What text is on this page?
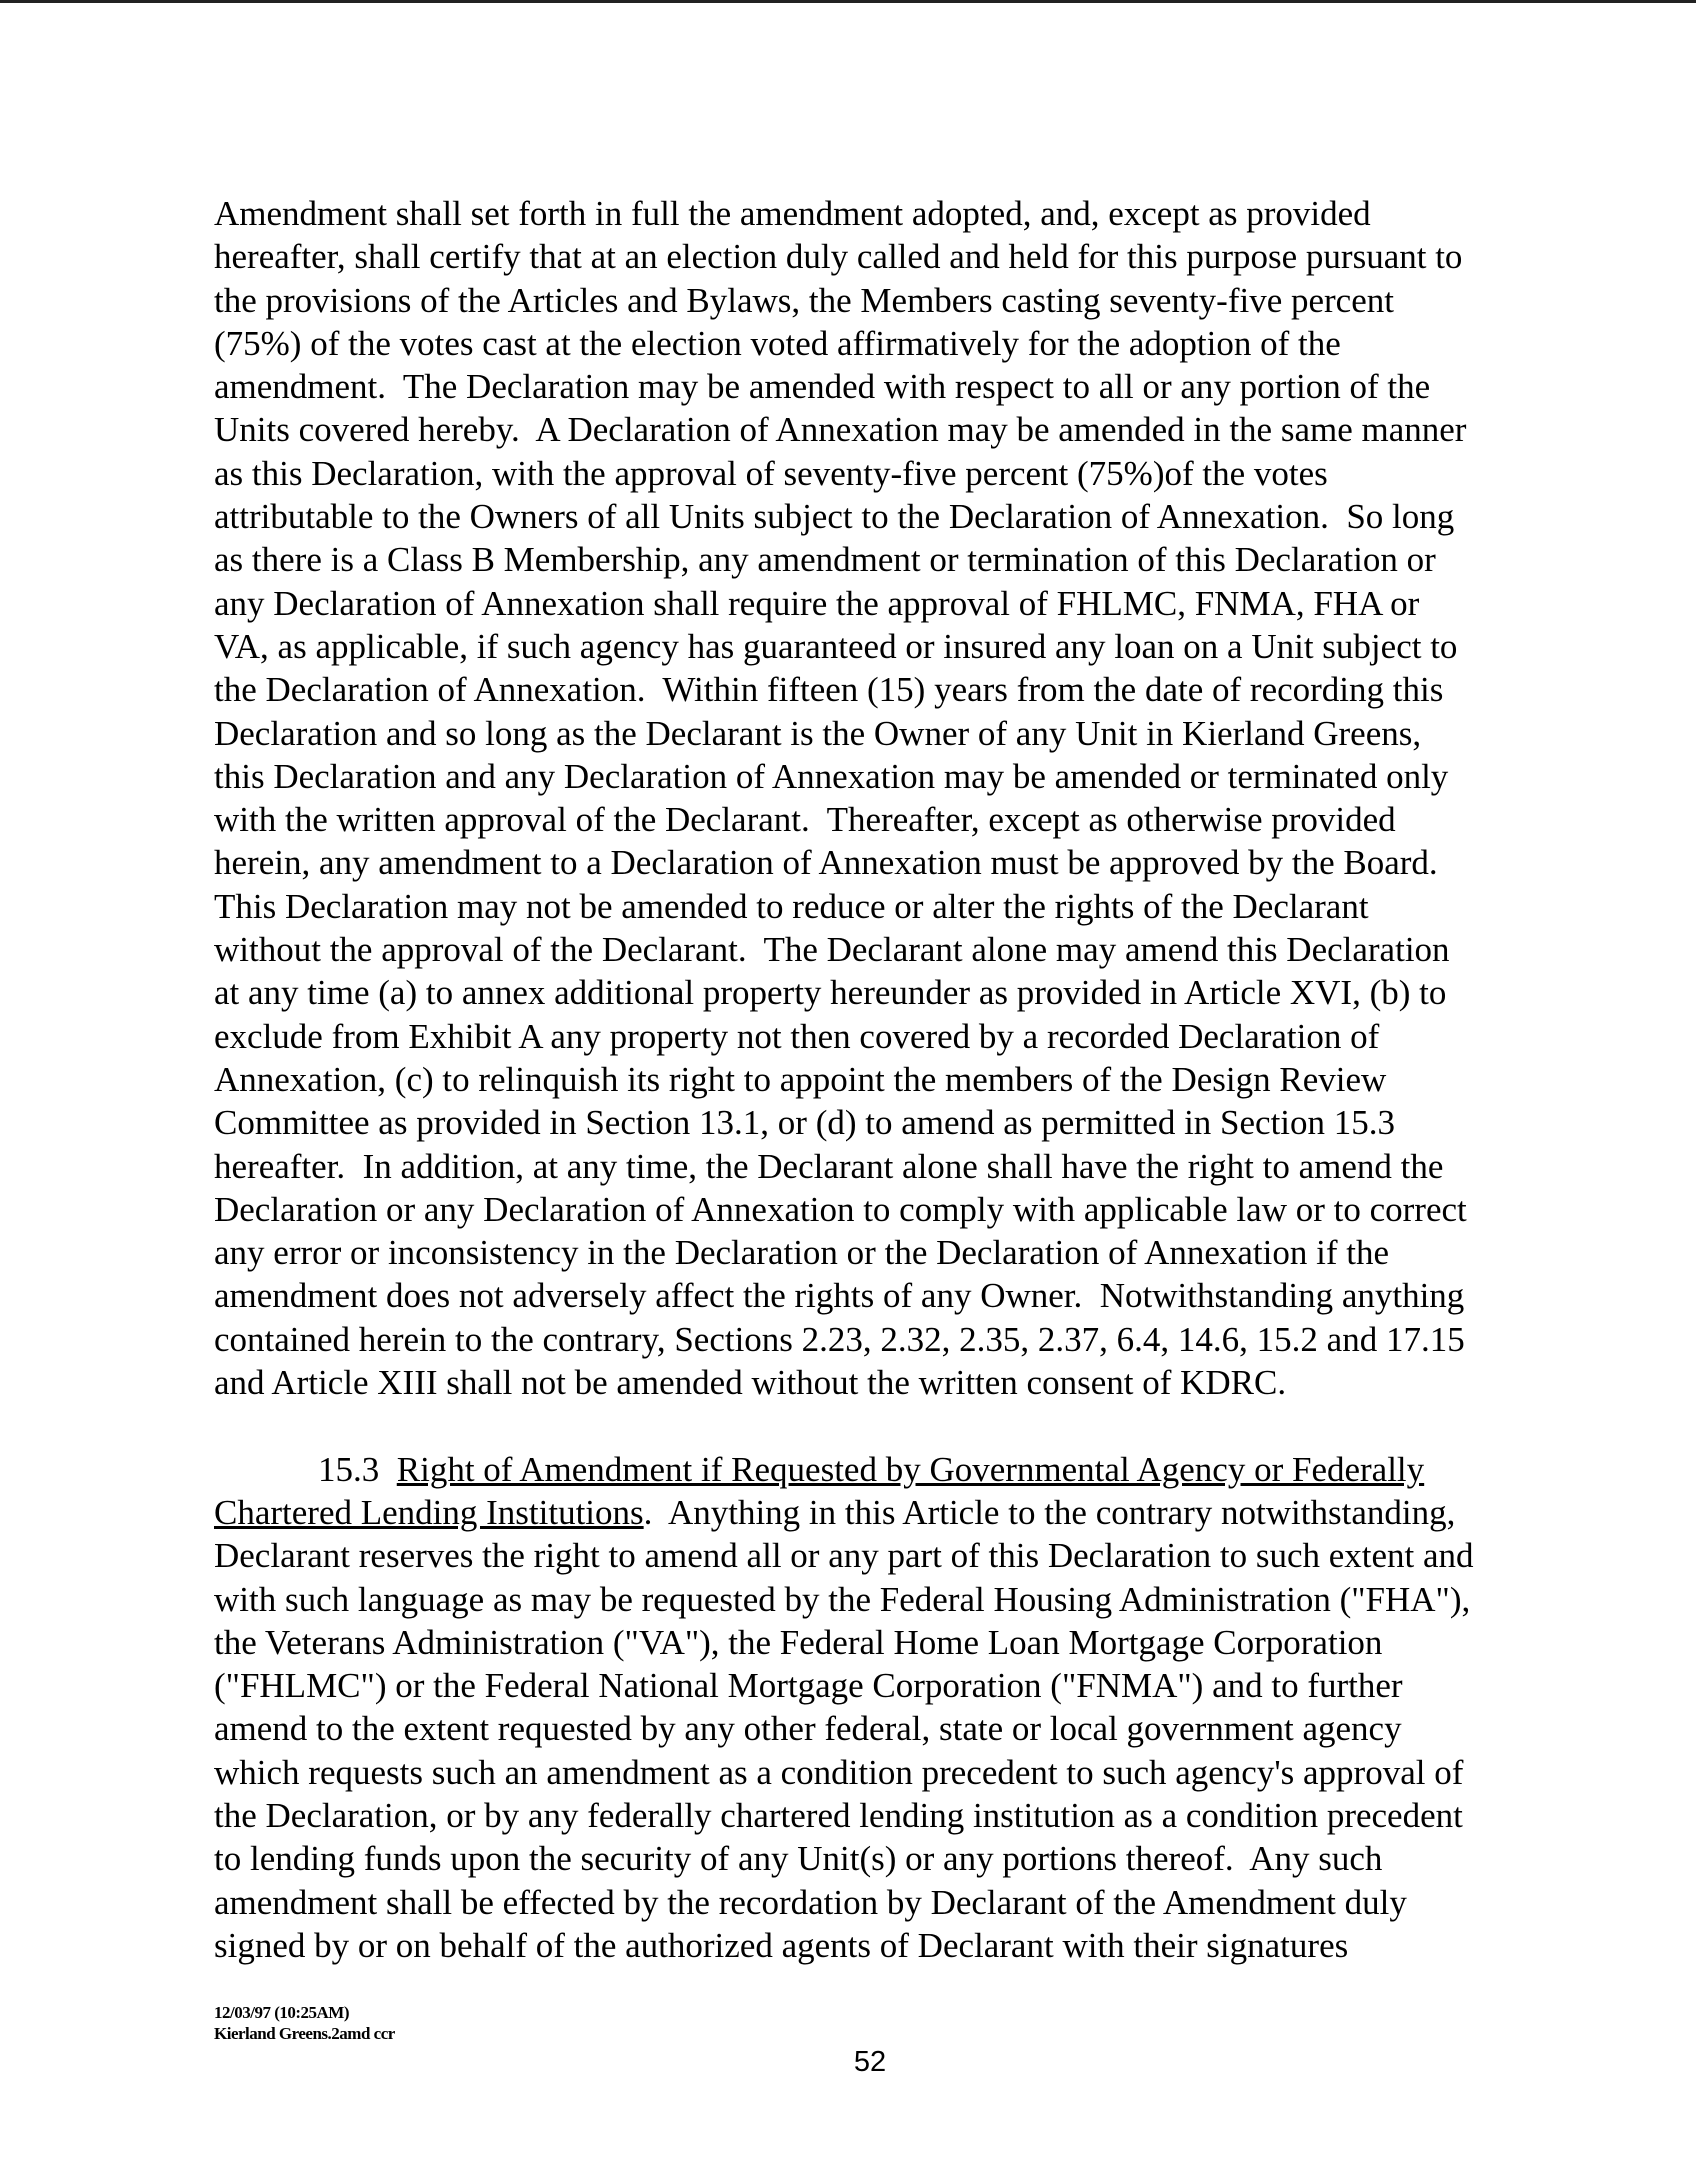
Amendment shall set forth in full the amendment adopted, and, except as provided
hereafter, shall certify that at an election duly called and held for this purpose pursuant to
the provisions of the Articles and Bylaws, the Members casting seventy-five percent
(75%) of the votes cast at the election voted affirmatively for the adoption of the
amendment.  The Declaration may be amended with respect to all or any portion of the
Units covered hereby.  A Declaration of Annexation may be amended in the same manner
as this Declaration, with the approval of seventy-five percent (75%)of the votes
attributable to the Owners of all Units subject to the Declaration of Annexation.  So long
as there is a Class B Membership, any amendment or termination of this Declaration or
any Declaration of Annexation shall require the approval of FHLMC, FNMA, FHA or
VA, as applicable, if such agency has guaranteed or insured any loan on a Unit subject to
the Declaration of Annexation.  Within fifteen (15) years from the date of recording this
Declaration and so long as the Declarant is the Owner of any Unit in Kierland Greens,
this Declaration and any Declaration of Annexation may be amended or terminated only
with the written approval of the Declarant.  Thereafter, except as otherwise provided
herein, any amendment to a Declaration of Annexation must be approved by the Board.
This Declaration may not be amended to reduce or alter the rights of the Declarant
without the approval of the Declarant.  The Declarant alone may amend this Declaration
at any time (a) to annex additional property hereunder as provided in Article XVI, (b) to
exclude from Exhibit A any property not then covered by a recorded Declaration of
Annexation, (c) to relinquish its right to appoint the members of the Design Review
Committee as provided in Section 13.1, or (d) to amend as permitted in Section 15.3
hereafter.  In addition, at any time, the Declarant alone shall have the right to amend the
Declaration or any Declaration of Annexation to comply with applicable law or to correct
any error or inconsistency in the Declaration or the Declaration of Annexation if the
amendment does not adversely affect the rights of any Owner.  Notwithstanding anything
contained herein to the contrary, Sections 2.23, 2.32, 2.35, 2.37, 6.4, 14.6, 15.2 and 17.15
and Article XIII shall not be amended without the written consent of KDRC.
15.3 Right of Amendment if Requested by Governmental Agency or Federally
Chartered Lending Institutions.  Anything in this Article to the contrary notwithstanding,
Declarant reserves the right to amend all or any part of this Declaration to such extent and
with such language as may be requested by the Federal Housing Administration ("FHA"),
the Veterans Administration ("VA"), the Federal Home Loan Mortgage Corporation
("FHLMC") or the Federal National Mortgage Corporation ("FNMA") and to further
amend to the extent requested by any other federal, state or local government agency
which requests such an amendment as a condition precedent to such agency's approval of
the Declaration, or by any federally chartered lending institution as a condition precedent
to lending funds upon the security of any Unit(s) or any portions thereof.  Any such
amendment shall be effected by the recordation by Declarant of the Amendment duly
signed by or on behalf of the authorized agents of Declarant with their signatures
12/03/97 (10:25AM)
Kierland Greens.2amd ccr
52
